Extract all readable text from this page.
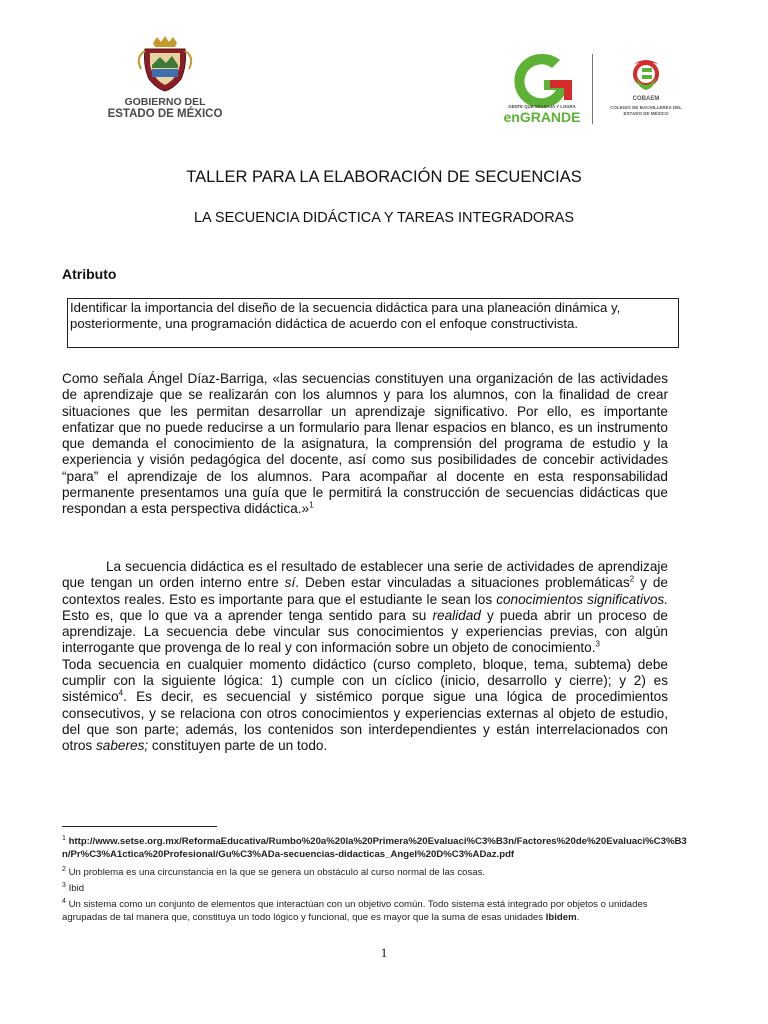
GOBIERNO DEL
ESTADO DE MÉXICO
GENTE QUE TRABAJA Y LOGRA
enGRANDE
COBAEM
COLEGIO DE BACHILLERES DEL
ESTADO DE MÉXICO
TALLER PARA LA ELABORACIÓN DE SECUENCIAS
LA SECUENCIA DIDÁCTICA Y TAREAS INTEGRADORAS
Atributo
Identificar la importancia del diseño de la secuencia didáctica para una planeación dinámica y, posteriormente, una programación didáctica de acuerdo con el enfoque constructivista.
Como señala Ángel Díaz-Barriga, «las secuencias constituyen una organización de las actividades de aprendizaje que se realizarán con los alumnos y para los alumnos, con la finalidad de crear situaciones que les permitan desarrollar un aprendizaje significativo. Por ello, es importante enfatizar que no puede reducirse a un formulario para llenar espacios en blanco, es un instrumento que demanda el conocimiento de la asignatura, la comprensión del programa de estudio y la experiencia y visión pedagógica del docente, así como sus posibilidades de concebir actividades “para” el aprendizaje de los alumnos. Para acompañar al docente en esta responsabilidad permanente presentamos una guía que le permitirá la construcción de secuencias didácticas que respondan a esta perspectiva didáctica.»$^1$
La secuencia didáctica es el resultado de establecer una serie de actividades de aprendizaje que tengan un orden interno entre sí. Deben estar vinculadas a situaciones problemáticas$^2$ y de contextos reales. Esto es importante para que el estudiante le sean los conocimientos significativos. Esto es, que lo que va a aprender tenga sentido para su realidad y pueda abrir un proceso de aprendizaje. La secuencia debe vincular sus conocimientos y experiencias previas, con algún interrogante que provenga de lo real y con información sobre un objeto de conocimiento.$^3$
Toda secuencia en cualquier momento didáctico (curso completo, bloque, tema, subtema) debe cumplir con la siguiente lógica: 1) cumple con un cíclico (inicio, desarrollo y cierre); y 2) es sistémico$^4$. Es decir, es secuencial y sistémico porque sigue una lógica de procedimientos consecutivos, y se relaciona con otros conocimientos y experiencias externas al objeto de estudio, del que son parte; además, los contenidos son interdependientes y están interrelacionados con otros saberes; constituyen parte de un todo.
$^1$ http://www.setse.org.mx/ReformaEducativa/Rumbo%20a%20la%20Primera%20Evaluaci%C3%B3n/Factores%20de%20Evaluaci%C3%B3n/Pr%C3%A1ctica%20Profesional/Gu%C3%ADa-secuencias-didacticas_Angel%20D%C3%ADaz.pdf
$^2$ Un problema es una circunstancia en la que se genera un obstáculo al curso normal de las cosas.
$^3$ Ibid
$^4$ Un sistema como un conjunto de elementos que interactúan con un objetivo común. Todo sistema está integrado por objetos o unidades agrupadas de tal manera que, constituya un todo lógico y funcional, que es mayor que la suma de esas unidades Ibidem.
1
